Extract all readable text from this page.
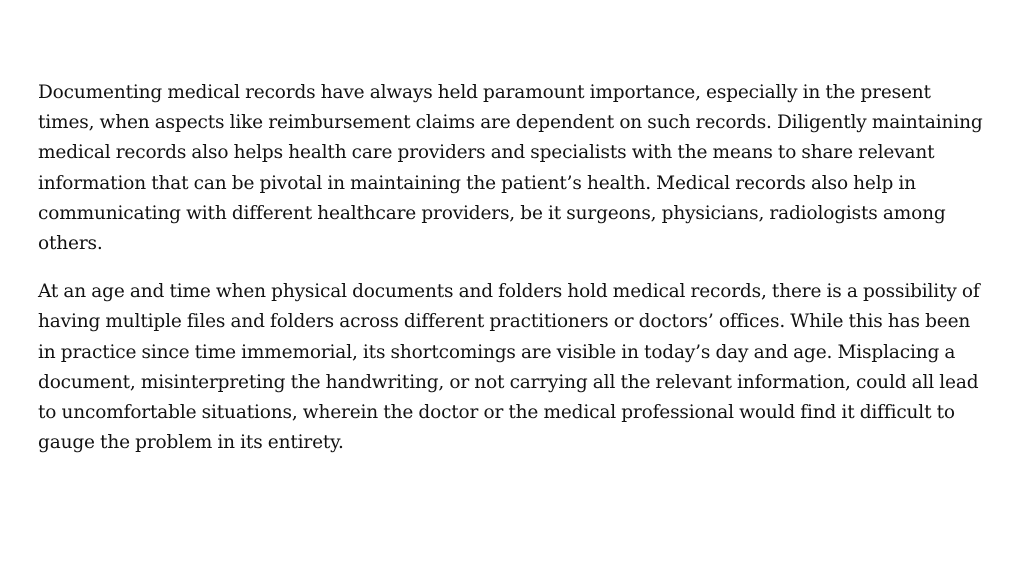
Documenting medical records have always held paramount importance, especially in the present times, when aspects like reimbursement claims are dependent on such records. Diligently maintaining medical records also helps health care providers and specialists with the means to share relevant information that can be pivotal in maintaining the patient’s health. Medical records also help in communicating with different healthcare providers, be it surgeons, physicians, radiologists among others.

At an age and time when physical documents and folders hold medical records, there is a possibility of having multiple files and folders across different practitioners or doctors’ offices. While this has been in practice since time immemorial, its shortcomings are visible in today’s day and age. Misplacing a document, misinterpreting the handwriting, or not carrying all the relevant information, could all lead to uncomfortable situations, wherein the doctor or the medical professional would find it difficult to gauge the problem in its entirety.
